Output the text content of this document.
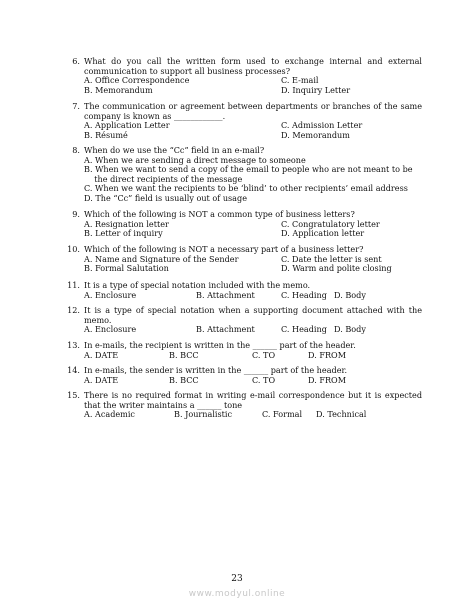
6. What do you call the written form used to exchange internal and external communication to support all business processes?
A. Office Correspondence	C. E-mail
B. Memorandum	D. Inquiry Letter
7. The communication or agreement between departments or branches of the same company is known as ____________.
A. Application Letter	C. Admission Letter
B. Résumé	D. Memorandum
8. When do we use the “Cc” field in an e-mail?
A. When we are sending a direct message to someone
B. When we want to send a copy of the email to people who are not meant to be
the direct recipients of the message
C. When we want the recipients to be ‘blind’ to other recipients’ email address
D. The “Cc” field is usually out of usage
9. Which of the following is NOT a common type of business letters?
A. Resignation letter	C. Congratulatory letter
B. Letter of inquiry	D. Application letter
10. Which of the following is NOT a necessary part of a business letter?
A. Name and Signature of the Sender	C. Date the letter is sent
B. Formal Salutation	D. Warm and polite closing
11. It is a type of special notation included with the memo.
A. Enclosure	B. Attachment	C. Heading D. Body
12. It is a type of special notation when a supporting document attached with the memo.
A. Enclosure	B. Attachment	C. Heading D. Body
13. In e-mails, the recipient is written in the ______ part of the header.
A. DATE	B. BCC	C. TO	D. FROM
14. In e-mails, the sender is written in the ______ part of the header.
A. DATE	B. BCC	C. TO	D. FROM
15. There is no required format in writing e-mail correspondence but it is expected that the writer maintains a ______ tone
A. Academic	B. Journalistic	C. Formal D. Technical
23
www.modyul.online
